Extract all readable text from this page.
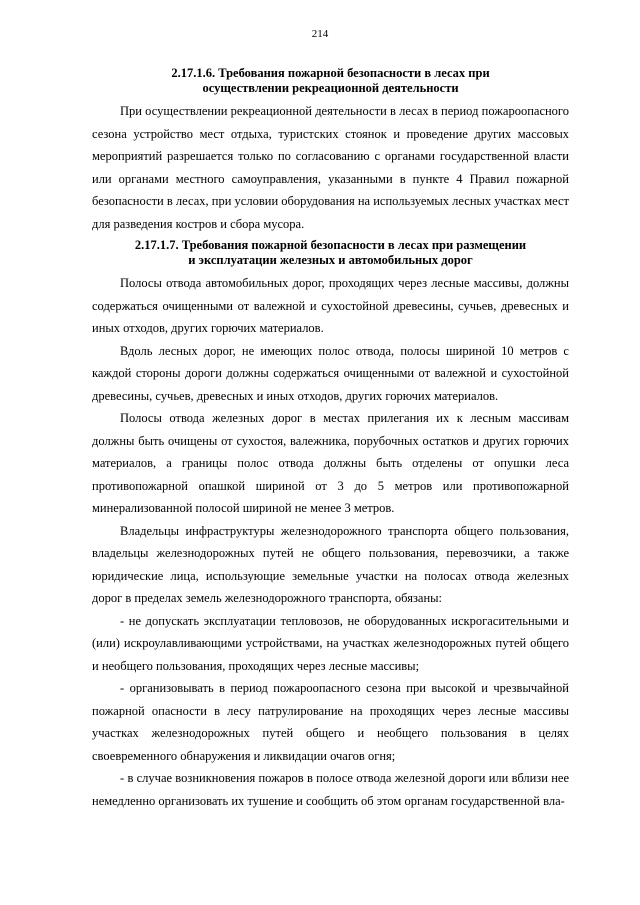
214
2.17.1.6. Требования пожарной безопасности в лесах при
осуществлении рекреационной деятельности

При осуществлении рекреационной деятельности в лесах в период пожароопасного сезона устройство мест отдыха, туристских стоянок и проведение других массовых мероприятий разрешается только по согласованию с органами государственной власти или органами местного самоуправления, указанными в пункте 4 Правил пожарной безопасности в лесах, при условии оборудования на используемых лесных участках мест для разведения костров и сбора мусора.

2.17.1.7. Требования пожарной безопасности в лесах при размещении
и эксплуатации железных и автомобильных дорог

Полосы отвода автомобильных дорог, проходящих через лесные массивы, должны содержаться очищенными от валежной и сухостойной древесины, сучьев, древесных и иных отходов, других горючих материалов.

Вдоль лесных дорог, не имеющих полос отвода, полосы шириной 10 метров с каждой стороны дороги должны содержаться очищенными от валежной и сухостойной древесины, сучьев, древесных и иных отходов, других горючих материалов.

Полосы отвода железных дорог в местах прилегания их к лесным массивам должны быть очищены от сухостоя, валежника, порубочных остатков и других горючих материалов, а границы полос отвода должны быть отделены от опушки леса противопожарной опашкой шириной от 3 до 5 метров или противопожарной минерализованной полосой шириной не менее 3 метров.

Владельцы инфраструктуры железнодорожного транспорта общего пользования, владельцы железнодорожных путей не общего пользования, перевозчики, а также юридические лица, использующие земельные участки на полосах отвода железных дорог в пределах земель железнодорожного транспорта, обязаны:

- не допускать эксплуатации тепловозов, не оборудованных искрогасительными и (или) искроулавливающими устройствами, на участках железнодорожных путей общего и необщего пользования, проходящих через лесные массивы;

- организовывать в период пожароопасного сезона при высокой и чрезвычайной пожарной опасности в лесу патрулирование на проходящих через лесные массивы участках железнодорожных путей общего и необщего пользования в целях своевременного обнаружения и ликвидации очагов огня;

- в случае возникновения пожаров в полосе отвода железной дороги или вблизи нее немедленно организовать их тушение и сообщить об этом органам государственной вла-
